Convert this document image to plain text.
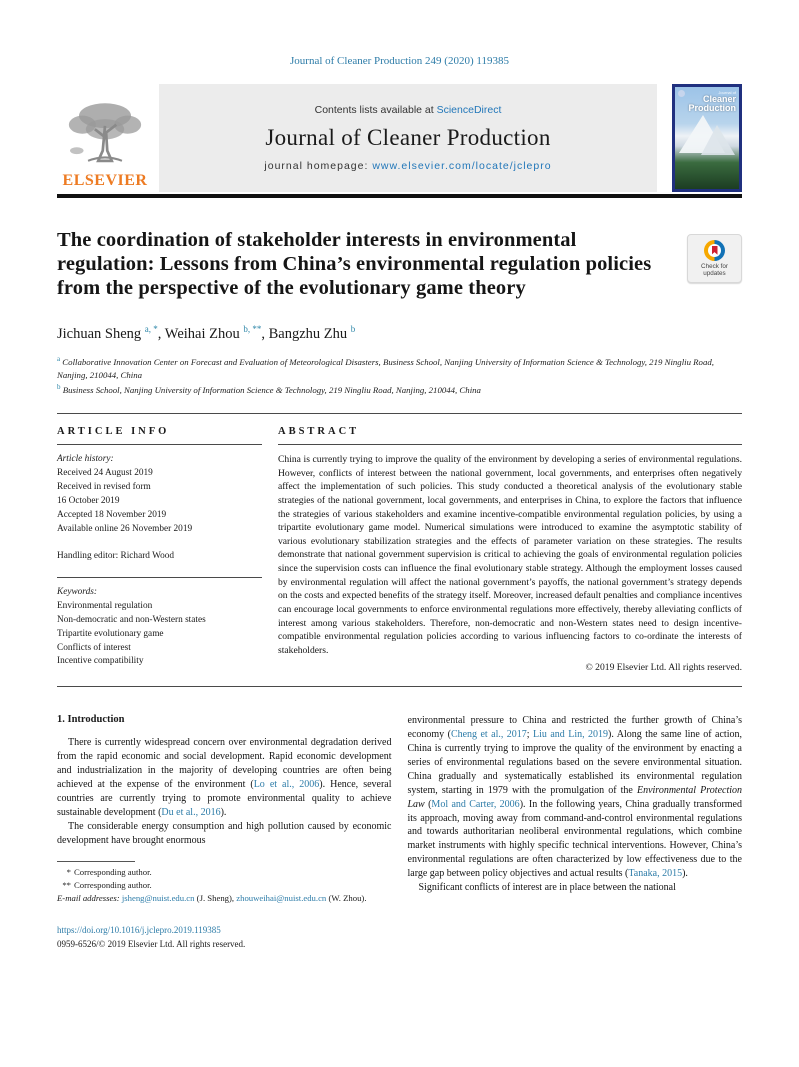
Journal of Cleaner Production 249 (2020) 119385
ELSEVIER
Contents lists available at ScienceDirect
Journal of Cleaner Production
journal homepage: www.elsevier.com/locate/jclepro
Journal of
Cleaner
Production
The coordination of stakeholder interests in environmental regulation: Lessons from China’s environmental regulation policies from the perspective of the evolutionary game theory
Check for
updates
Jichuan Sheng $^{a, *}$, Weihai Zhou $^{b, **}$, Bangzhu Zhu $^b$
$^a$ Collaborative Innovation Center on Forecast and Evaluation of Meteorological Disasters, Business School, Nanjing University of Information Science & Technology, 219 Ningliu Road, Nanjing, 210044, China
$^b$ Business School, Nanjing University of Information Science & Technology, 219 Ningliu Road, Nanjing, 210044, China
ARTICLE INFO
Article history:
Received 24 August 2019
Received in revised form
16 October 2019
Accepted 18 November 2019
Available online 26 November 2019
Handling editor: Richard Wood
Keywords:
Environmental regulation
Non-democratic and non-Western states
Tripartite evolutionary game
Conflicts of interest
Incentive compatibility
ABSTRACT
China is currently trying to improve the quality of the environment by developing a series of environmental regulations. However, conflicts of interest between the national government, local governments, and enterprises often negatively affect the implementation of such policies. This study conducted a theoretical analysis of the evolutionary stable strategies of the national government, local governments, and enterprises in China, to explore the factors that influence the strategies of various stakeholders and examine incentive-compatible environmental regulation policies, by using a tripartite evolutionary game model. Numerical simulations were introduced to examine the asymptotic stability of various evolutionary stabilization strategies and the effects of parameter variation on these strategies. The results demonstrate that national government supervision is critical to achieving the goals of environmental regulation policies since the supervision costs can influence the final evolutionary stable strategy. Although the employment losses caused by environmental regulation will affect the national government’s payoffs, the national government’s strategy depends on the costs and expected benefits of the strategy itself. Moreover, increased default penalties and compliance incentives can encourage local governments to enforce environmental regulations more effectively, thereby alleviating conflicts of interest among various stakeholders. Therefore, non-democratic and non-Western states need to design incentive-compatible environmental regulation policies according to various influencing factors to co-ordinate the interests of stakeholders.
© 2019 Elsevier Ltd. All rights reserved.
1. Introduction

There is currently widespread concern over environmental degradation derived from the rapid economic and social development. Rapid economic development and industrialization in the majority of developing countries are often being achieved at the expense of the environment (Lo et al., 2006). Hence, several countries are currently trying to promote environmental quality to achieve sustainable development (Du et al., 2016).

The considerable energy consumption and high pollution caused by economic development have brought enormous

* Corresponding author.
** Corresponding author.
E-mail addresses: jsheng@nuist.edu.cn (J. Sheng), zhouweihai@nuist.edu.cn (W. Zhou).
https://doi.org/10.1016/j.jclepro.2019.119385
0959-6526/© 2019 Elsevier Ltd. All rights reserved.

environmental pressure to China and restricted the further growth of China’s economy (Cheng et al., 2017; Liu and Lin, 2019). Along the same line of action, China is currently trying to improve the quality of the environment by enacting a series of environmental regulations based on the severe environmental situation. China gradually and systematically established its environmental regulation system, starting in 1979 with the promulgation of the Environmental Protection Law (Mol and Carter, 2006). In the following years, China gradually transformed its approach, moving away from command-and-control environmental regulations and towards authoritarian neoliberal environmental regulations, which combine market instruments with highly specific technical interventions. However, China’s environmental regulations are often characterized by low effectiveness due to the large gap between policy objectives and actual results (Tanaka, 2015).

Significant conflicts of interest are in place between the national
